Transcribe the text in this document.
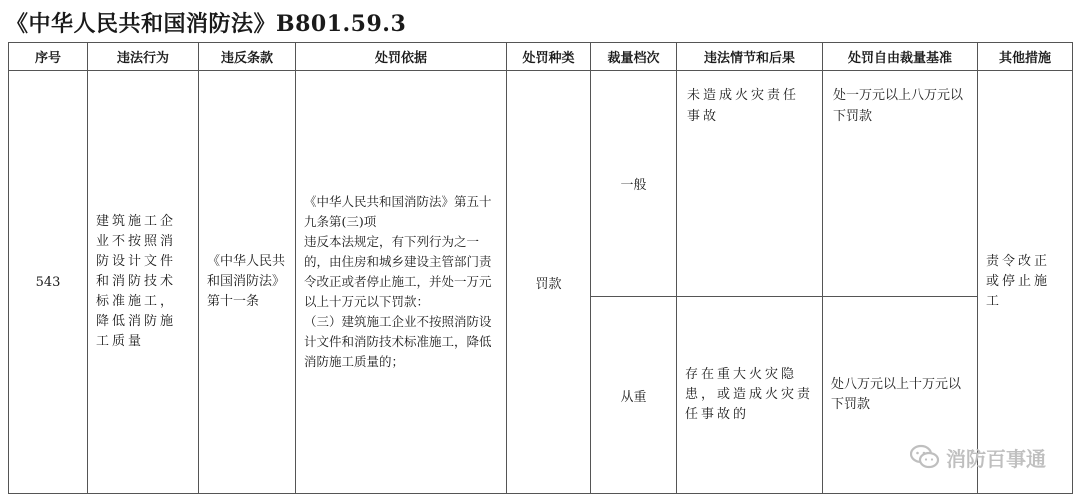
《中华人民共和国消防法》B801.59.3
序号	违法行为	违反条款	处罚依据	处罚种类	裁量档次	违法情节和后果	处罚自由裁量基准	其他措施
543	建筑施工企业不按照消防设计文件和消防技术标准施工，降低消防施工质量	《中华人民共和国消防法》第十一条	《中华人民共和国消防法》第五十九条第(三)项
违反本法规定，有下列行为之一的，由住房和城乡建设主管部门责令改正或者停止施工，并处一万元以上十万元以下罚款：
（三）建筑施工企业不按照消防设计文件和消防技术标准施工，降低消防施工质量的；	罚款	一般	未造成火灾责任事故	处一万元以上八万元以下罚款	责令改正或停止施工

					从重	存在重大火灾隐患，或造成火灾责任事故的	处八万元以上十万元以下罚款	
消防百事通
